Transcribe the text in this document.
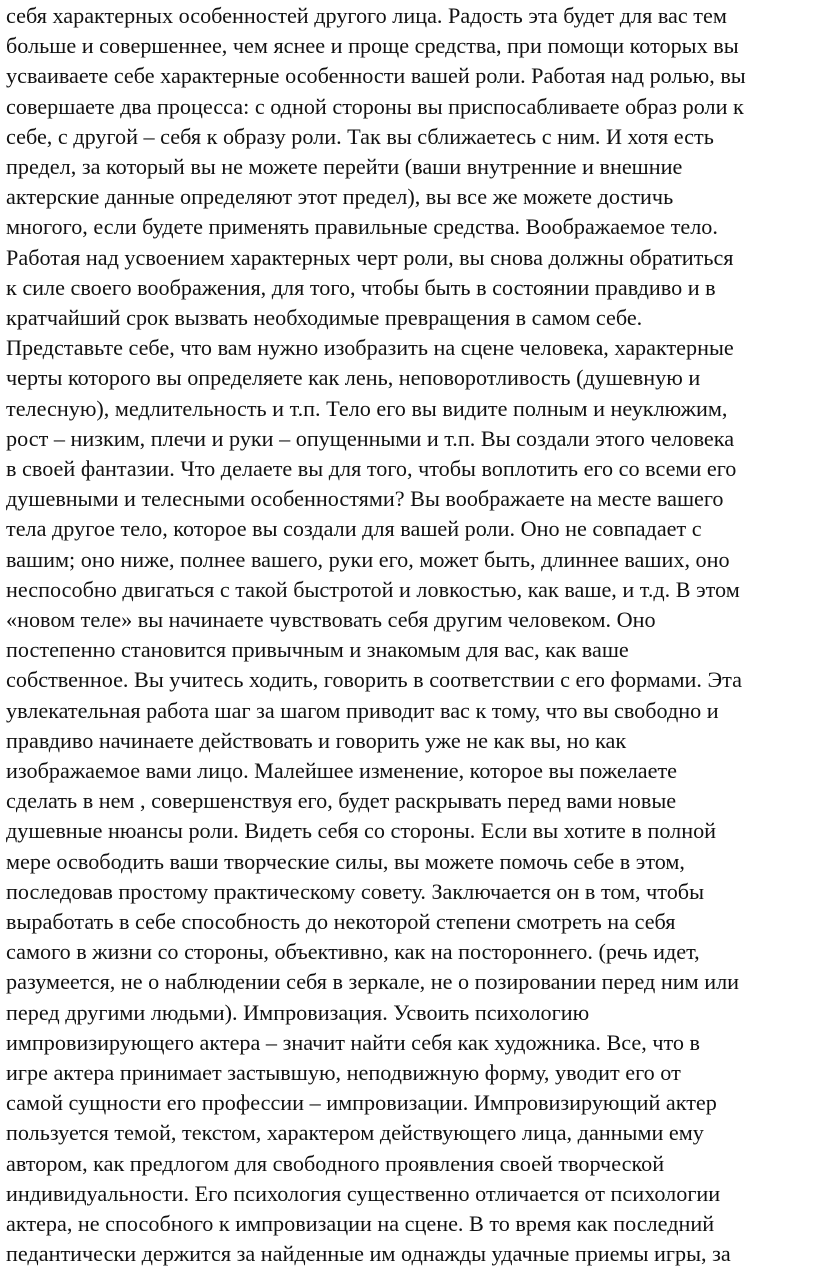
себя характерных особенностей другого лица. Радость эта будет для вас тем

больше и совершеннее, чем яснее и проще средства, при помощи которых вы

усваиваете себе характерные особенности вашей роли. Работая над ролью, вы

совершаете два процесса: с одной стороны вы приспосабливаете образ роли к

себе, с другой – себя к образу роли. Так вы сближаетесь с ним. И хотя есть

предел, за который вы не можете перейти (ваши внутренние и внешние

актерские данные определяют этот предел), вы все же можете достичь

многого, если будете применять правильные средства. Воображаемое тело.

Работая над усвоением характерных черт роли, вы снова должны обратиться

к силе своего воображения, для того, чтобы быть в состоянии правдиво и в

кратчайший срок вызвать необходимые превращения в самом себе.

Представьте себе, что вам нужно изобразить на сцене человека, характерные

черты которого вы определяете как лень, неповоротливость (душевную и

телесную), медлительность и т.п. Тело его вы видите полным и неуклюжим,

рост – низким, плечи и руки – опущенными и т.п. Вы создали этого человека

в своей фантазии. Что делаете вы для того, чтобы воплотить его со всеми его

душевными и телесными особенностями? Вы воображаете на месте вашего

тела другое тело, которое вы создали для вашей роли. Оно не совпадает с

вашим; оно ниже, полнее вашего, руки его, может быть, длиннее ваших, оно

неспособно двигаться с такой быстротой и ловкостью, как ваше, и т.д. В этом

«новом теле» вы начинаете чувствовать себя другим человеком. Оно

постепенно становится привычным и знакомым для вас, как ваше

собственное. Вы учитесь ходить, говорить в соответствии с его формами. Эта

увлекательная работа шаг за шагом приводит вас к тому, что вы свободно и

правдиво начинаете действовать и говорить уже не как вы, но как

изображаемое вами лицо. Малейшее изменение, которое вы пожелаете

сделать в нем , совершенствуя его, будет раскрывать перед вами новые

душевные нюансы роли. Видеть себя со стороны. Если вы хотите в полной

мере освободить ваши творческие силы, вы можете помочь себе в этом,

последовав простому практическому совету. Заключается он в том, чтобы

выработать в себе способность до некоторой степени смотреть на себя

самого в жизни со стороны, объективно, как на постороннего. (речь идет,

разумеется, не о наблюдении себя в зеркале, не о позировании перед ним или

перед другими людьми). Импровизация. Усвоить психологию

импровизирующего актера – значит найти себя как художника. Все, что в

игре актера принимает застывшую, неподвижную форму, уводит его от

самой сущности его профессии – импровизации. Импровизирующий актер

пользуется темой, текстом, характером действующего лица, данными ему

автором, как предлогом для свободного проявления своей творческой

индивидуальности. Его психология существенно отличается от психологии

актера, не способного к импровизации на сцене. В то время как последний

педантически держится за найденные им однажды удачные приемы игры, за
